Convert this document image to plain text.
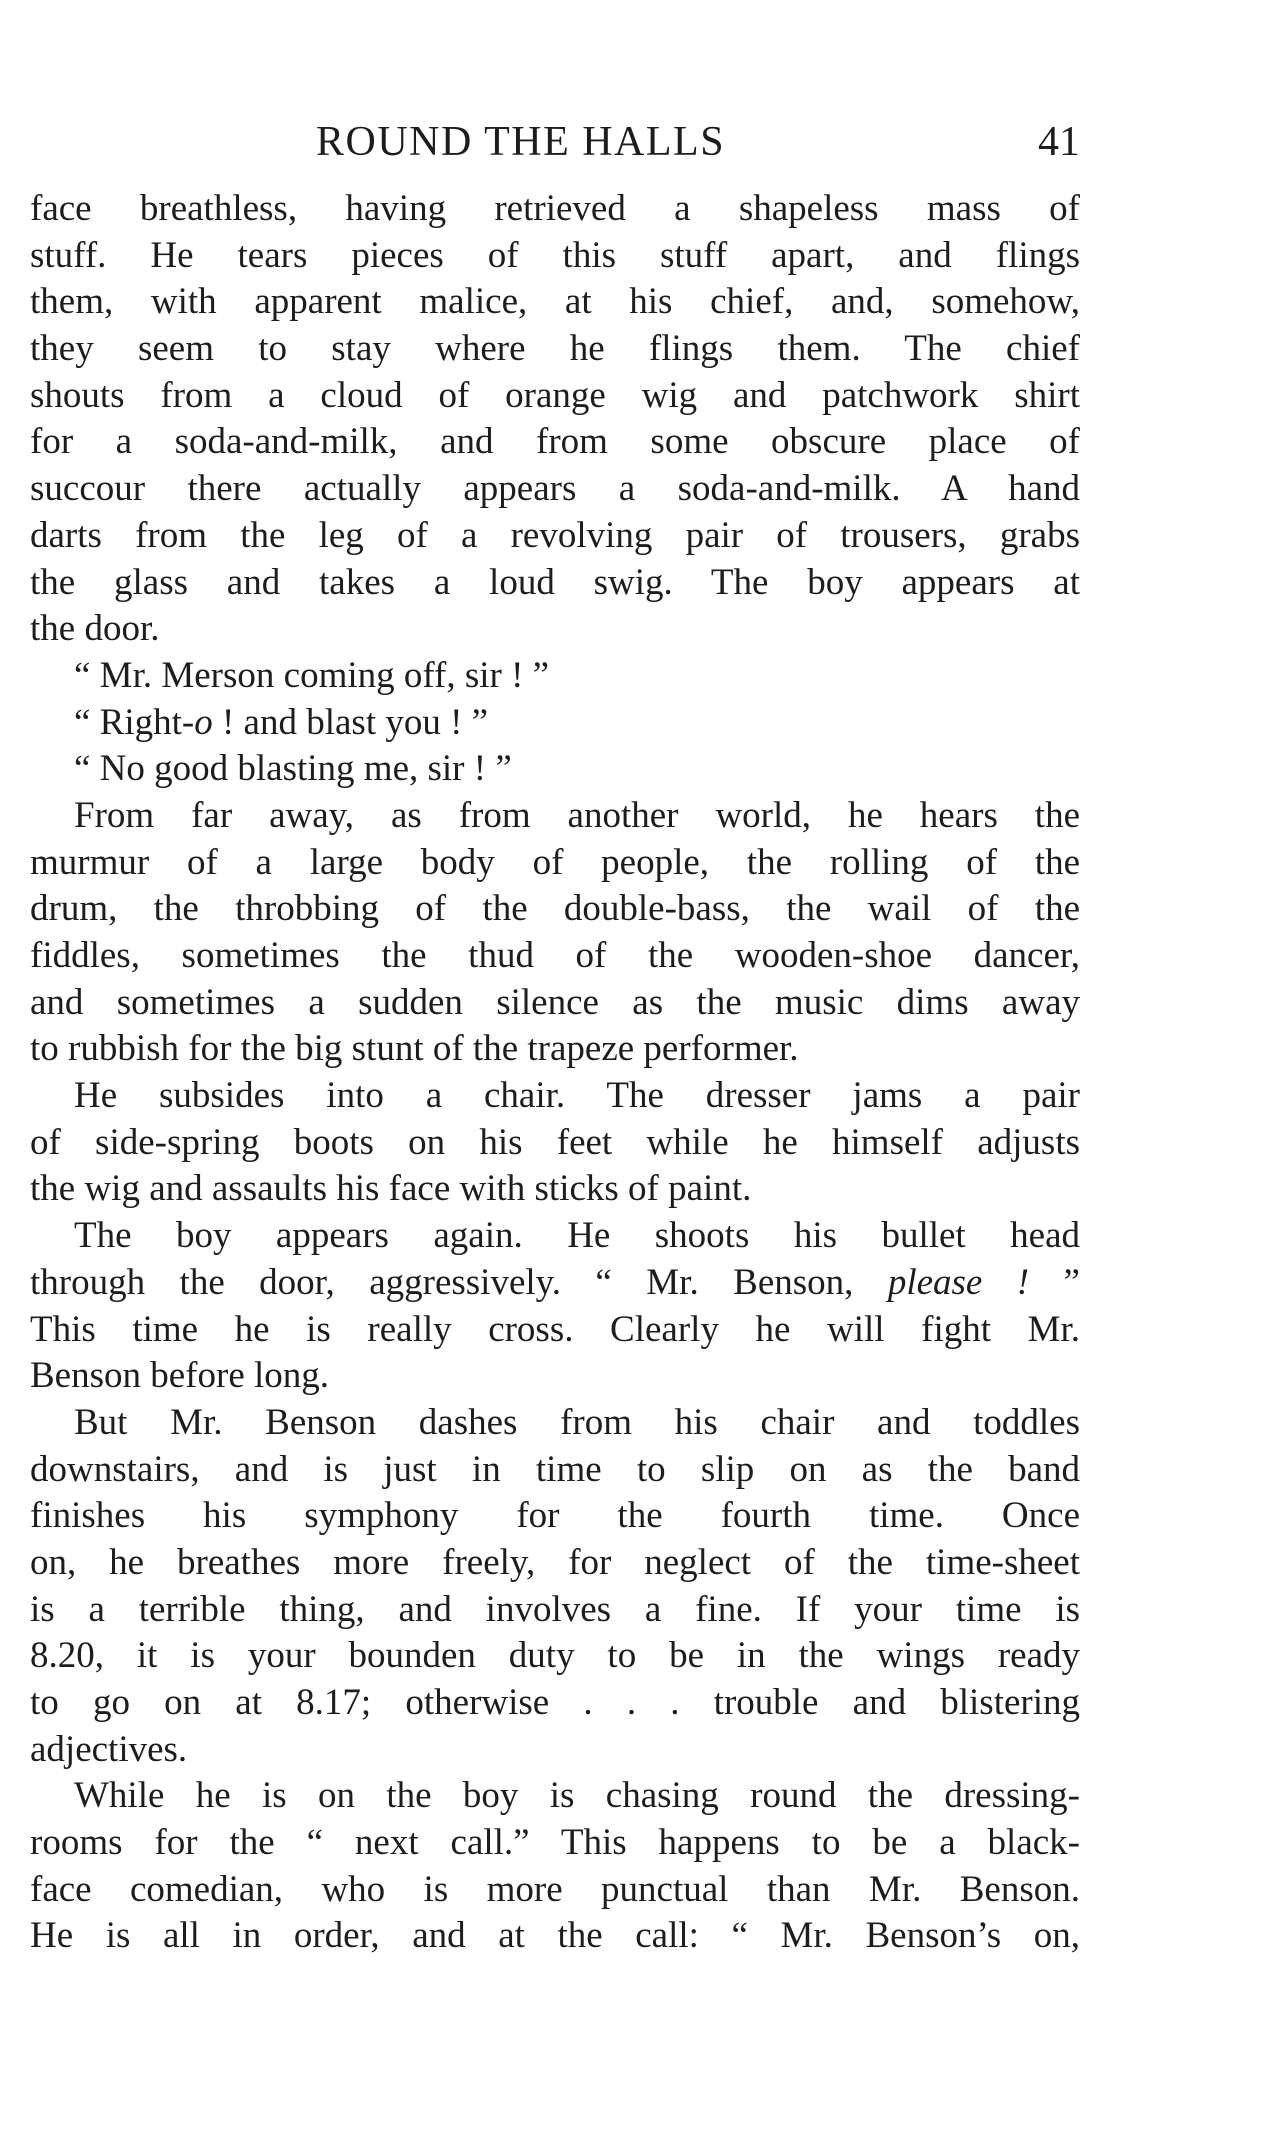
ROUND THE HALLS	41
face breathless, having retrieved a shapeless mass of
stuff. He tears pieces of this stuff apart, and flings
them, with apparent malice, at his chief, and, somehow,
they seem to stay where he flings them. The chief
shouts from a cloud of orange wig and patchwork shirt
for a soda-and-milk, and from some obscure place of
succour there actually appears a soda-and-milk. A hand
darts from the leg of a revolving pair of trousers, grabs
the glass and takes a loud swig. The boy appears at
the door.
“ Mr. Merson coming off, sir ! ”
“ Right-o ! and blast you ! ”
“ No good blasting me, sir ! ”
From far away, as from another world, he hears the
murmur of a large body of people, the rolling of the
drum, the throbbing of the double-bass, the wail of the
fiddles, sometimes the thud of the wooden-shoe dancer,
and sometimes a sudden silence as the music dims away
to rubbish for the big stunt of the trapeze performer.
He subsides into a chair. The dresser jams a pair
of side-spring boots on his feet while he himself adjusts
the wig and assaults his face with sticks of paint.
The boy appears again. He shoots his bullet head
through the door, aggressively. “ Mr. Benson, please ! ”
This time he is really cross. Clearly he will fight Mr.
Benson before long.
But Mr. Benson dashes from his chair and toddles
downstairs, and is just in time to slip on as the band
finishes his symphony for the fourth time. Once
on, he breathes more freely, for neglect of the time-sheet
is a terrible thing, and involves a fine. If your time is
8.20, it is your bounden duty to be in the wings ready
to go on at 8.17; otherwise . . . trouble and blistering
adjectives.
While he is on the boy is chasing round the dressing-
rooms for the “ next call.” This happens to be a black-
face comedian, who is more punctual than Mr. Benson.
He is all in order, and at the call: “ Mr. Benson’s on,
